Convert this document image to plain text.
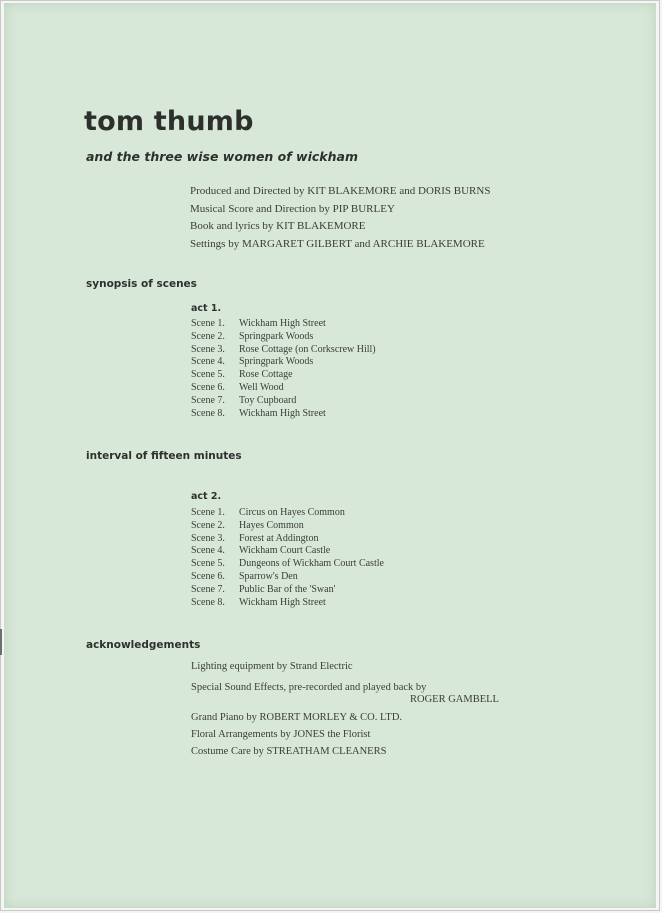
tom thumb
and the three wise women of wickham
Produced and Directed by KIT BLAKEMORE and DORIS BURNS
Musical Score and Direction by PIP BURLEY
Book and lyrics by KIT BLAKEMORE
Settings by MARGARET GILBERT and ARCHIE BLAKEMORE
synopsis of scenes
act 1.
Scene 1. Wickham High Street
Scene 2. Springpark Woods
Scene 3. Rose Cottage (on Corkscrew Hill)
Scene 4. Springpark Woods
Scene 5. Rose Cottage
Scene 6. Well Wood
Scene 7. Toy Cupboard
Scene 8. Wickham High Street
interval of fifteen minutes
act 2.
Scene 1. Circus on Hayes Common
Scene 2. Hayes Common
Scene 3. Forest at Addington
Scene 4. Wickham Court Castle
Scene 5. Dungeons of Wickham Court Castle
Scene 6. Sparrow's Den
Scene 7. Public Bar of the 'Swan'
Scene 8. Wickham High Street
acknowledgements
Lighting equipment by Strand Electric
Special Sound Effects, pre-recorded and played back by
ROGER GAMBELL
Grand Piano by ROBERT MORLEY & CO. LTD.
Floral Arrangements by JONES the Florist
Costume Care by STREATHAM CLEANERS
